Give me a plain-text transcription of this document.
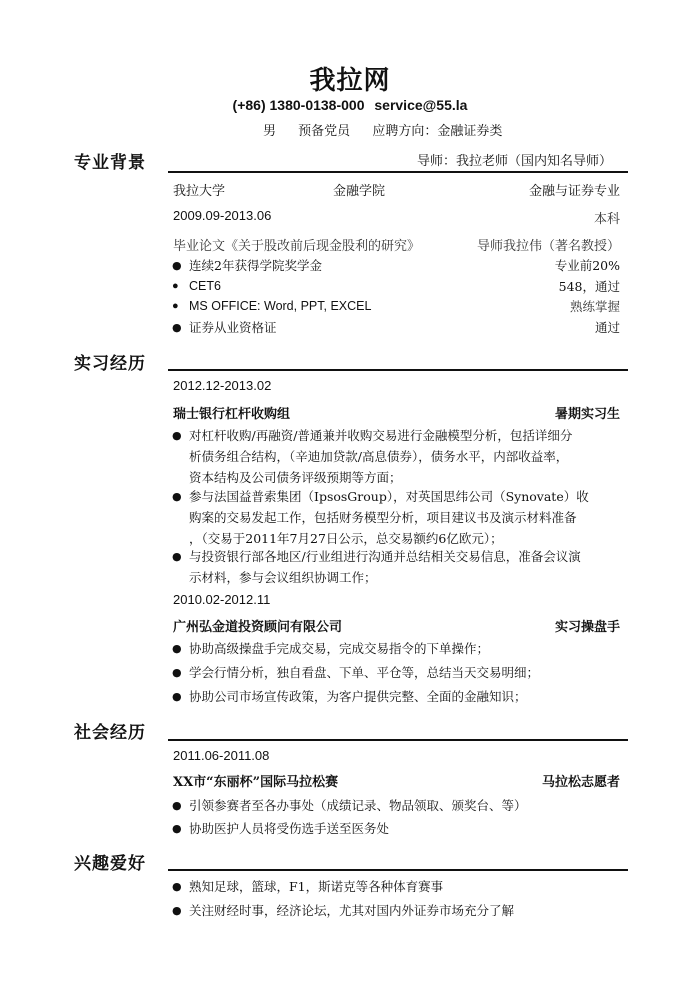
我拉网
(+86) 1380-0138-000 service@55.la
男 预备党员 应聘方向：金融证券类
专业背景	导师：我拉老师（国内知名导师）
我拉大学	金融学院	金融与证券专业
2009.09-2013.06	本科
毕业论文《关于股改前后现金股利的研究》	导师我拉伟（著名教授）
● 连续2年获得学院奖学金	专业前20%
● CET6	548，通过
● MS OFFICE: Word, PPT, EXCEL	熟练掌握
● 证券从业资格证	通过
实习经历
2012.12-2013.02
瑞士银行杠杆收购组	暑期实习生
● 对杠杆收购/再融资/普通兼并收购交易进行金融模型分析，包括详细分
析债务组合结构，（辛迪加贷款/高息债券），债务水平，内部收益率，
资本结构及公司债务评级预期等方面；
● 参与法国益普索集团（IpsosGroup），对英国思纬公司（Synovate）收
购案的交易发起工作，包括财务模型分析，项目建议书及演示材料准备
，（交易于2011年7月27日公示，总交易额约6亿欧元）；
● 与投资银行部各地区/行业组进行沟通并总结相关交易信息，准备会议演
示材料，参与会议组织协调工作；
2010.02-2012.11
广州弘金道投资顾问有限公司	实习操盘手
● 协助高级操盘手完成交易，完成交易指令的下单操作；
● 学会行情分析，独自看盘、下单、平仓等，总结当天交易明细；
● 协助公司市场宣传政策，为客户提供完整、全面的金融知识；
社会经历
2011.06-2011.08
XX市“东丽杯”国际马拉松赛	马拉松志愿者
● 引领参赛者至各办事处（成绩记录、物品领取、颁奖台、等）
● 协助医护人员将受伤选手送至医务处
兴趣爱好
● 熟知足球，篮球，F1，斯诺克等各种体育赛事
● 关注财经时事，经济论坛，尤其对国内外证券市场充分了解
